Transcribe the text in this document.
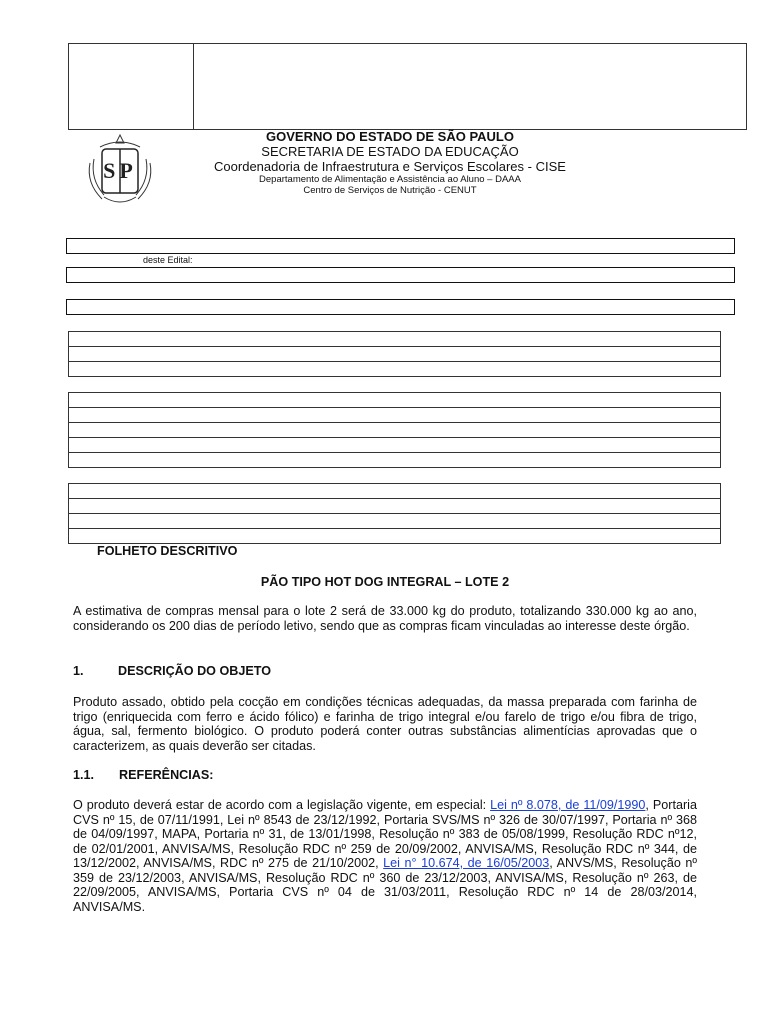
SP
GOVERNO DO ESTADO DE SÃO PAULO
SECRETARIA DE ESTADO DA EDUCAÇÃO
Coordenadoria de Infraestrutura e Serviços Escolares - CISE
Departamento de Alimentação e Assistência ao Aluno – DAAA
Centro de Serviços de Nutrição - CENUT
deste Edital:
FOLHETO DESCRITIVO
PÃO TIPO HOT DOG INTEGRAL – LOTE 2
A estimativa de compras mensal para o lote 2 será de 33.000 kg do produto, totalizando 330.000 kg ao ano, considerando os 200 dias de período letivo, sendo que as compras ficam vinculadas ao interesse deste órgão.
1.	DESCRIÇÃO DO OBJETO
Produto assado, obtido pela cocção em condições técnicas adequadas, da massa preparada com farinha de trigo (enriquecida com ferro e ácido fólico) e farinha de trigo integral e/ou farelo de trigo e/ou fibra de trigo, água, sal, fermento biológico. O produto poderá conter outras substâncias alimentícias aprovadas que o caracterizem, as quais deverão ser citadas.
1.1. REFERÊNCIAS:
O produto deverá estar de acordo com a legislação vigente, em especial: Lei nº 8.078, de 11/09/1990, Portaria CVS nº 15, de 07/11/1991, Lei nº 8543 de 23/12/1992, Portaria SVS/MS nº 326 de 30/07/1997, Portaria nº 368 de 04/09/1997, MAPA, Portaria nº 31, de 13/01/1998, Resolução nº 383 de 05/08/1999, Resolução RDC nº12, de 02/01/2001, ANVISA/MS, Resolução RDC nº 259 de 20/09/2002, ANVISA/MS, Resolução RDC nº 344, de 13/12/2002, ANVISA/MS, RDC nº 275 de 21/10/2002, Lei n° 10.674, de 16/05/2003, ANVS/MS, Resolução nº 359 de 23/12/2003, ANVISA/MS, Resolução RDC nº 360 de 23/12/2003, ANVISA/MS, Resolução nº 263, de 22/09/2005, ANVISA/MS, Portaria CVS nº 04 de 31/03/2011, Resolução RDC nº 14 de 28/03/2014, ANVISA/MS.
